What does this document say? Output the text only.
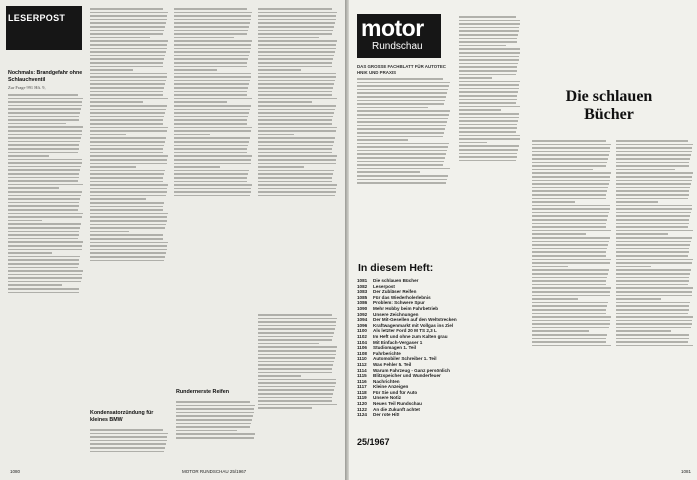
LESERPOST
Nochmals: Brandgefahr ohne Schlauchventil
Zur Frage 991 Hft. 9,
Kondensatorzündung für kleines BMW
Rundernerste Reifen
1080	MOTOR RUNDSCHAU 25/1967
motor
Rundschau
DAS GROSSE FACHBLATT FÜR AUTOTECHNIK UND PRAXIS
In diesem Heft:
1081 Die schlauen Bücher
1082 Leserpost
1083 Der Zubläser Reifen
1085 Für das Wiederholerlebnis
1086 Problem: Schwere Spur
1090 Mehr Hobby beim Fahrbetrieb
1092 Unsere Zeichnungen
1094 Der Mit-Gesellen auf den Weltstrecken
1096 Kraftwagenmarkt mit Vollgas ins Ziel
1100 Als letzter Ford 20 M TS 2,3 L
1102 Im Heft und ohne zum Kalten grau
1104 Mit Einfach-Vergaser 1
1106 Studiomagen 1. Teil
1108 Fahrberichte
1110 Automobiler Schreiber 1. Teil
1112 Was Fehler 5. Teil
1114 Warum Fahrzeug - Ganz persönlich
1115 Blitzspeicher und Wunderfeuer
1116 Nachrichten
1117 Kleine Anzeigen
1118 Für Sie und für Auto
1119 Unsere Notiz
1120 Neues Teil Rundschau
1122 An die Zukunft achtet
1124 Der rote Hit!
25/1967
Die schlauen
Bücher
1081
